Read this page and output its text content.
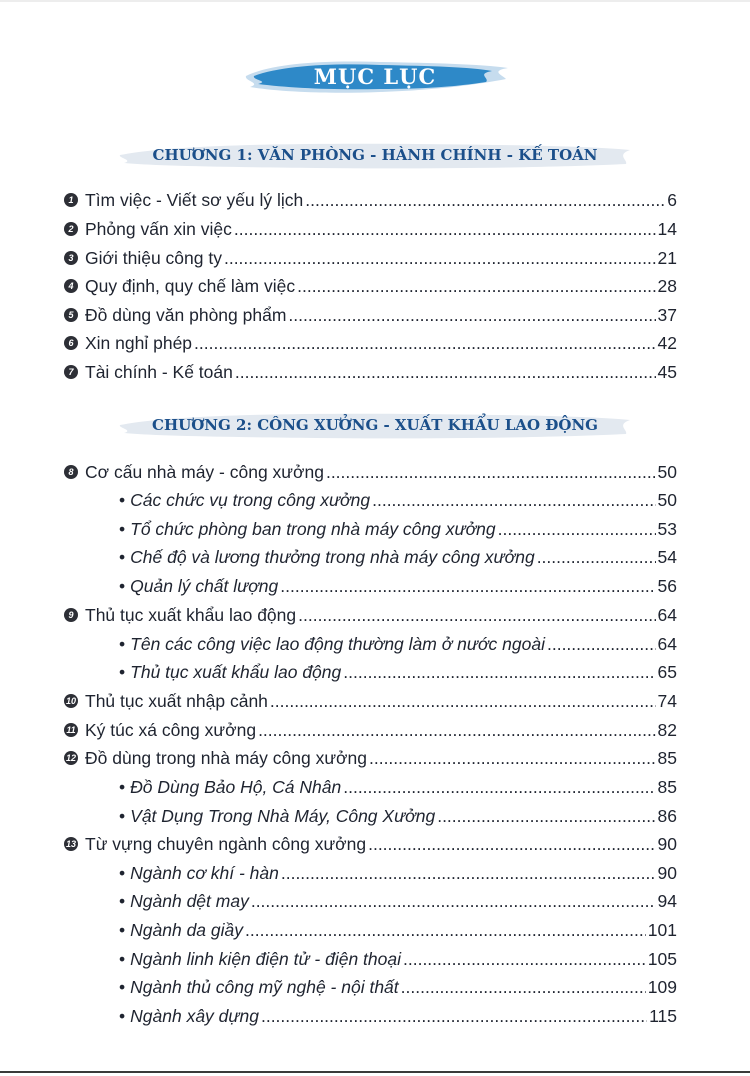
MỤC LỤC
CHƯƠNG 1: VĂN PHÒNG - HÀNH CHÍNH - KẾ TOÁN
CHƯƠNG 2: CÔNG XƯỞNG - XUẤT KHẨU LAO ĐỘNG
1 Tìm việc - Viết sơ yếu lý lịch .....	6
2 Phỏng vấn xin việc .....	14
3 Giới thiệu công ty .....	21
4 Quy định, quy chế làm việc .....	28
5 Đồ dùng văn phòng phẩm .....	37
6 Xin nghỉ phép .....	42
7 Tài chính - Kế toán .....	45
8 Cơ cấu nhà máy - công xưởng .....	50
• Các chức vụ trong công xưởng .....	50
• Tổ chức phòng ban trong nhà máy công xưởng .....	53
• Chế độ và lương thưởng trong nhà máy công xưởng .....	54
• Quản lý chất lượng .....	56
9 Thủ tục xuất khẩu lao động .....	64
• Tên các công việc lao động thường làm ở nước ngoài .....	64
• Thủ tục xuất khẩu lao động .....	65
10 Thủ tục xuất nhập cảnh .....	74
11 Ký túc xá công xưởng .....	82
12 Đồ dùng trong nhà máy công xưởng .....	85
• Đồ Dùng Bảo Hộ, Cá Nhân .....	85
• Vật Dụng Trong Nhà Máy, Công Xưởng .....	86
13 Từ vựng chuyên ngành công xưởng .....	90
• Ngành cơ khí - hàn .....	90
• Ngành dệt may .....	94
• Ngành da giầy .....	101
• Ngành linh kiện điện tử - điện thoại .....	105
• Ngành thủ công mỹ nghệ - nội thất .....	109
• Ngành xây dựng .....	115
